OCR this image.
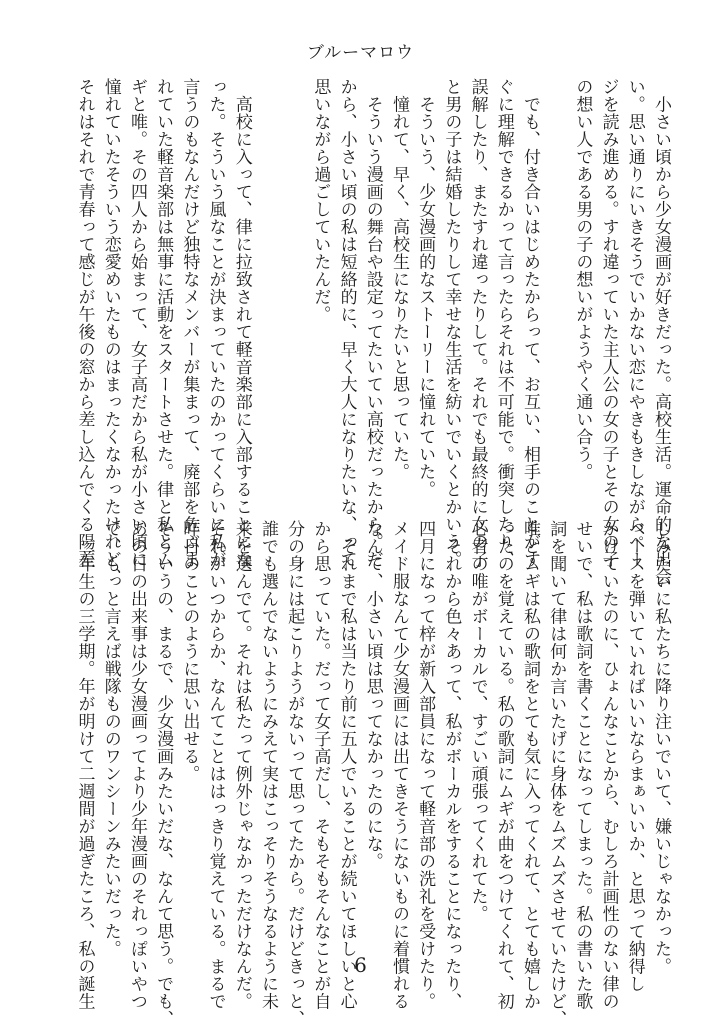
ブルーマロウ
　小さい頃から少女漫画が好きだった。高校生活。運命的な出会
い。思い通りにいきそうでいかない恋にやきもきしながらペー
ジを読み進める。すれ違っていた主人公の女の子とその女の子
の想い人である男の子の想いがようやく通い合う。

　でも、付き合いはじめたからって、お互い、相手のことがす
ぐに理解できるかって言ったらそれは不可能で。衝突したり、
誤解したり、またすれ違ったりして。それでも最終的に女の子
と男の子は結婚したりして幸せな生活を紡いでいくとかいう。
　そういう、少女漫画的なストーリーに憧れていた。
　憧れて、早く、高校生になりたいと思っていた。
　そういう漫画の舞台や設定ってたいてい高校だったから。だ
から、小さい頃の私は短絡的に、早く大人になりたいな、って
思いながら過ごしていたんだ。

　高校に入って、律に拉致されて軽音楽部に入部することにな
った。そういう風なことが決まっていたのかってくらいに私が
言うのもなんだけど独特なメンバーが集まって、廃部を危ぶま
れていた軽音楽部は無事に活動をスタートさせた。律と私とム
ギと唯。その四人から始まって、女子高だから私が小さい頃に
憧れていたそういう恋愛めいたものはまったくなかったけれど、
それはそれで青春って感じが午後の窓から差し込んでくる陽差
しみたいに私たちに降り注いでいて、嫌いじゃなかった。
ベースを弾いていればいいならまぁいいか、と思って納得し
かけていたのに、ひょんなことから、むしろ計画性のない律の
せいで、私は歌詞を書くことになってしまった。私の書いた歌
詞を聞いて律は何か言いたげに身体をムズムズさせていたけど、
唯とムギは私の歌詞をとても気に入ってくれて、とても嬉しか
ったのを覚えている。私の歌詞にムギが曲をつけてくれて、初
心者の唯がボーカルで、すごい頑張ってくれてた。
　それから色々あって、私がボーカルをすることになったり、
四月になって梓が新入部員になって軽音部の洗礼を受けたり。
メイド服なんて少女漫画には出てきそうにないものに着慣れる
なんて、小さい頃は思ってなかったのにな。
　それまで私は当たり前に五人でいることが続いてほしいと心
から思っていた。だって女子高だし、そもそもそんなことが自
分の身には起こりようがないって思ってたから。だけどきっと、
誰でも選んでないようにみえて実はこっそりそうなるように未
来を選んでて。それは私たって例外じゃなかっただけなんだ。
それがいつからか、なんてことははっきり覚えている。まるで
昨日のことのように思い出せる。
そういうの、まるで、少女漫画みたいだな、なんて思う。でも、
あの日の出来事は少女漫画ってより少年漫画のそれっぽいやつ
で、もっと言えば戦隊もののワンシーンみたいだった。
　二年生の三学期。年が明けて二週間が過ぎたころ、私の誕生	6
